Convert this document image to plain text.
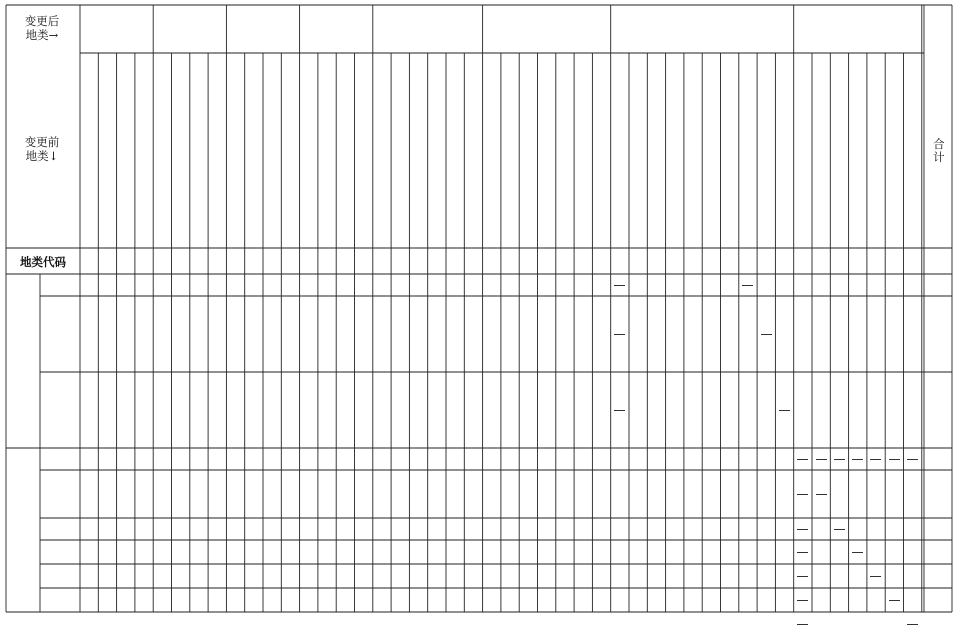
变更后地类→
变更前地类↓
地类代码
合计
